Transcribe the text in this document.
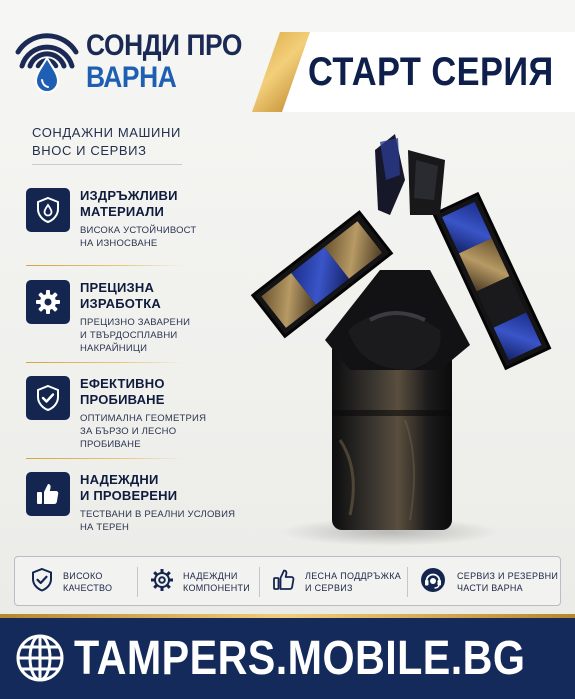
СОНДИ ПРО
ВАРНА	СТАРТ СЕРИЯ
СОНДАЖНИ МАШИНИ
ВНОС И СЕРВИЗ
ИЗДРЪЖЛИВИ
МАТЕРИАЛИ
ВИСОКА УСТОЙЧИВОСТ
НА ИЗНОСВАНЕ
ПРЕЦИЗНА
ИЗРАБОТКА
ПРЕЦИЗНО ЗАВАРЕНИ
И ТВЪРДОСПЛАВНИ
НАКРАЙНИЦИ
ЕФЕКТИВНО
ПРОБИВАНЕ
ОПТИМАЛНА ГЕОМЕТРИЯ
ЗА БЪРЗО И ЛЕСНО
ПРОБИВАНЕ
НАДЕЖДНИ
И ПРОВЕРЕНИ
ТЕСТВАНИ В РЕАЛНИ УСЛОВИЯ
НА ТЕРЕН
ВИСОКО
КАЧЕСТВО
НАДЕЖДНИ
КОМПОНЕНТИ
ЛЕСНА ПОДДРЪЖКА
И СЕРВИЗ
СЕРВИЗ И РЕЗЕРВНИ
ЧАСТИ ВАРНА
TAMPERS.MOBILE.BG
